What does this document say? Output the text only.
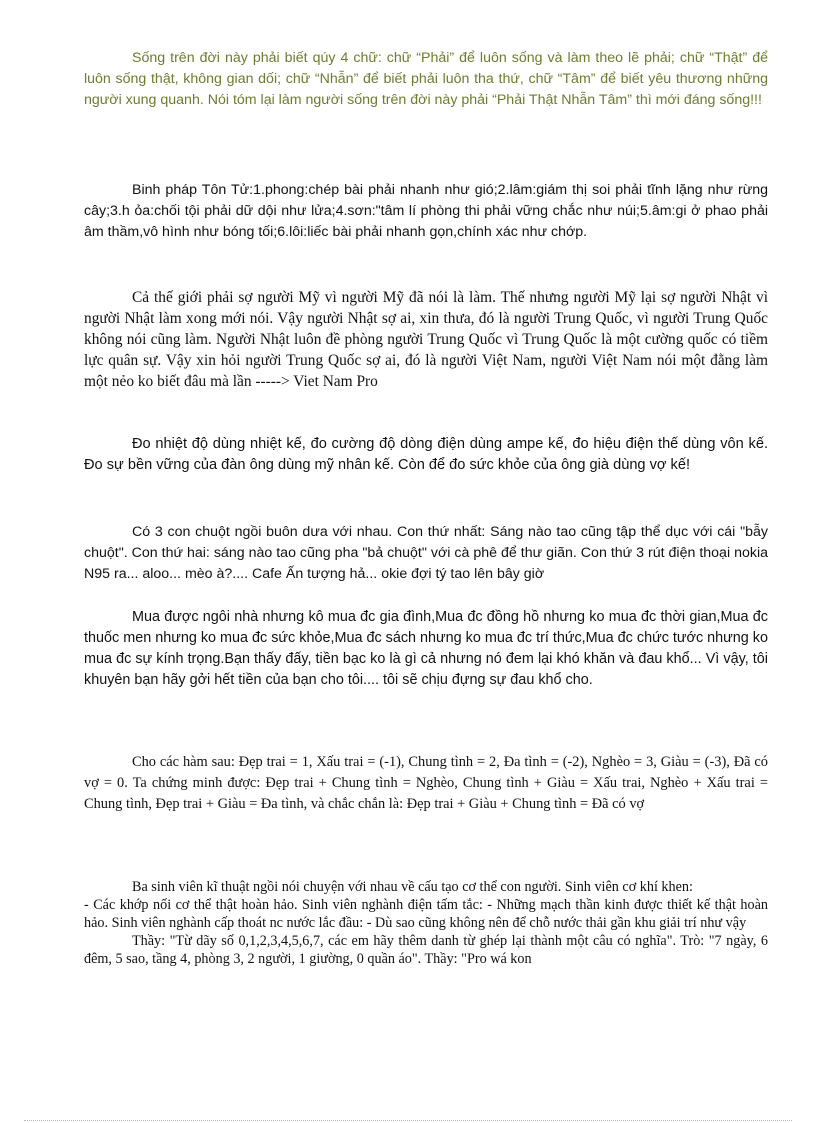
Sống trên đời này phải biết qúy 4 chữ: chữ “Phải” để luôn sống và làm theo lẽ phải; chữ “Thật” để luôn sống thật, không gian dối; chữ “Nhẫn” để biết phải luôn tha thứ, chữ “Tâm” để biết yêu thương những người xung quanh. Nói tóm lại làm người sống trên đời này phải “Phải Thật Nhẫn Tâm” thì mới đáng sống!!!

Binh pháp Tôn Tử:1.phong:chép bài phải nhanh như gió;2.lâm:giám thị soi phải tĩnh lặng như rừng cây;3.h ỏa:chối tội phải dữ dội như lửa;4.sơn:"tâm lí phòng thi phải vững chắc như núi;5.âm:gi ở phao phải âm thầm,vô hình như bóng tối;6.lôi:liếc bài phải nhanh gọn,chính xác như chớp.

Cả thế giới phải sợ người Mỹ vì người Mỹ đã nói là làm. Thế nhưng người Mỹ lại sợ người Nhật vì người Nhật làm xong mới nói. Vậy người Nhật sợ ai, xin thưa, đó là người Trung Quốc, vì người Trung Quốc không nói cũng làm. Người Nhật luôn đề phòng người Trung Quốc vì Trung Quốc là một cường quốc có tiềm lực quân sự. Vậy xin hỏi người Trung Quốc sợ ai, đó là người Việt Nam, người Việt Nam nói một đằng làm một nẻo ko biết đâu mà lần -----> Viet Nam Pro

Đo nhiệt độ dùng nhiệt kế, đo cường độ dòng điện dùng ampe kế, đo hiệu điện thế dùng vôn kế. Đo sự bền vững của đàn ông dùng mỹ nhân kế. Còn để đo sức khỏe của ông già dùng vợ kế!

Có 3 con chuột ngồi buôn dưa với nhau. Con thứ nhất: Sáng nào tao cũng tập thể dục với cái "bẫy chuột". Con thứ hai: sáng nào tao cũng pha "bả chuột" với cà phê để thư giãn. Con thứ 3 rút điện thoại nokia N95 ra... aloo... mèo à?.... Cafe Ấn tượng hả... okie đợi tý tao lên bây giờ

Mua được ngôi nhà nhưng kô mua đc gia đình,Mua đc đồng hồ nhưng ko mua đc thời gian,Mua đc thuốc men nhưng ko mua đc sức khỏe,Mua đc sách nhưng ko mua đc trí thức,Mua đc chức tước nhưng ko mua đc sự kính trọng.Bạn thấy đấy, tiền bạc ko là gì cả nhưng nó đem lại khó khăn và đau khổ... Vì vậy, tôi khuyên bạn hãy gởi hết tiền của bạn cho tôi.... tôi sẽ chịu đựng sự đau khổ cho.

Cho các hàm sau: Đẹp trai = 1, Xấu trai = (-1), Chung tình = 2, Đa tình = (-2), Nghèo = 3, Giàu = (-3), Đã có vợ = 0. Ta chứng minh được: Đẹp trai + Chung tình = Nghèo, Chung tình + Giàu = Xấu trai, Nghèo + Xấu trai = Chung tình, Đẹp trai + Giàu = Đa tình, và chắc chắn là: Đẹp trai + Giàu + Chung tình = Đã có vợ

Ba sinh viên kĩ thuật ngồi nói chuyện với nhau về cấu tạo cơ thể con người. Sinh viên cơ khí khen:
- Các khớp nối cơ thể thật hoàn hảo. Sinh viên nghành điện tấm tắc: - Những mạch thần kinh được thiết kế thật hoàn hảo. Sinh viên nghành cấp thoát nc nước lắc đầu: - Dù sao cũng không nên để chỗ nước thải gần khu giải trí như vậy
Thầy: "Từ dãy số 0,1,2,3,4,5,6,7, các em hãy thêm danh từ ghép lại thành một câu có nghĩa". Trò: "7 ngày, 6 đêm, 5 sao, tầng 4, phòng 3, 2 người, 1 giường, 0 quần áo". Thầy: "Pro wá kon
